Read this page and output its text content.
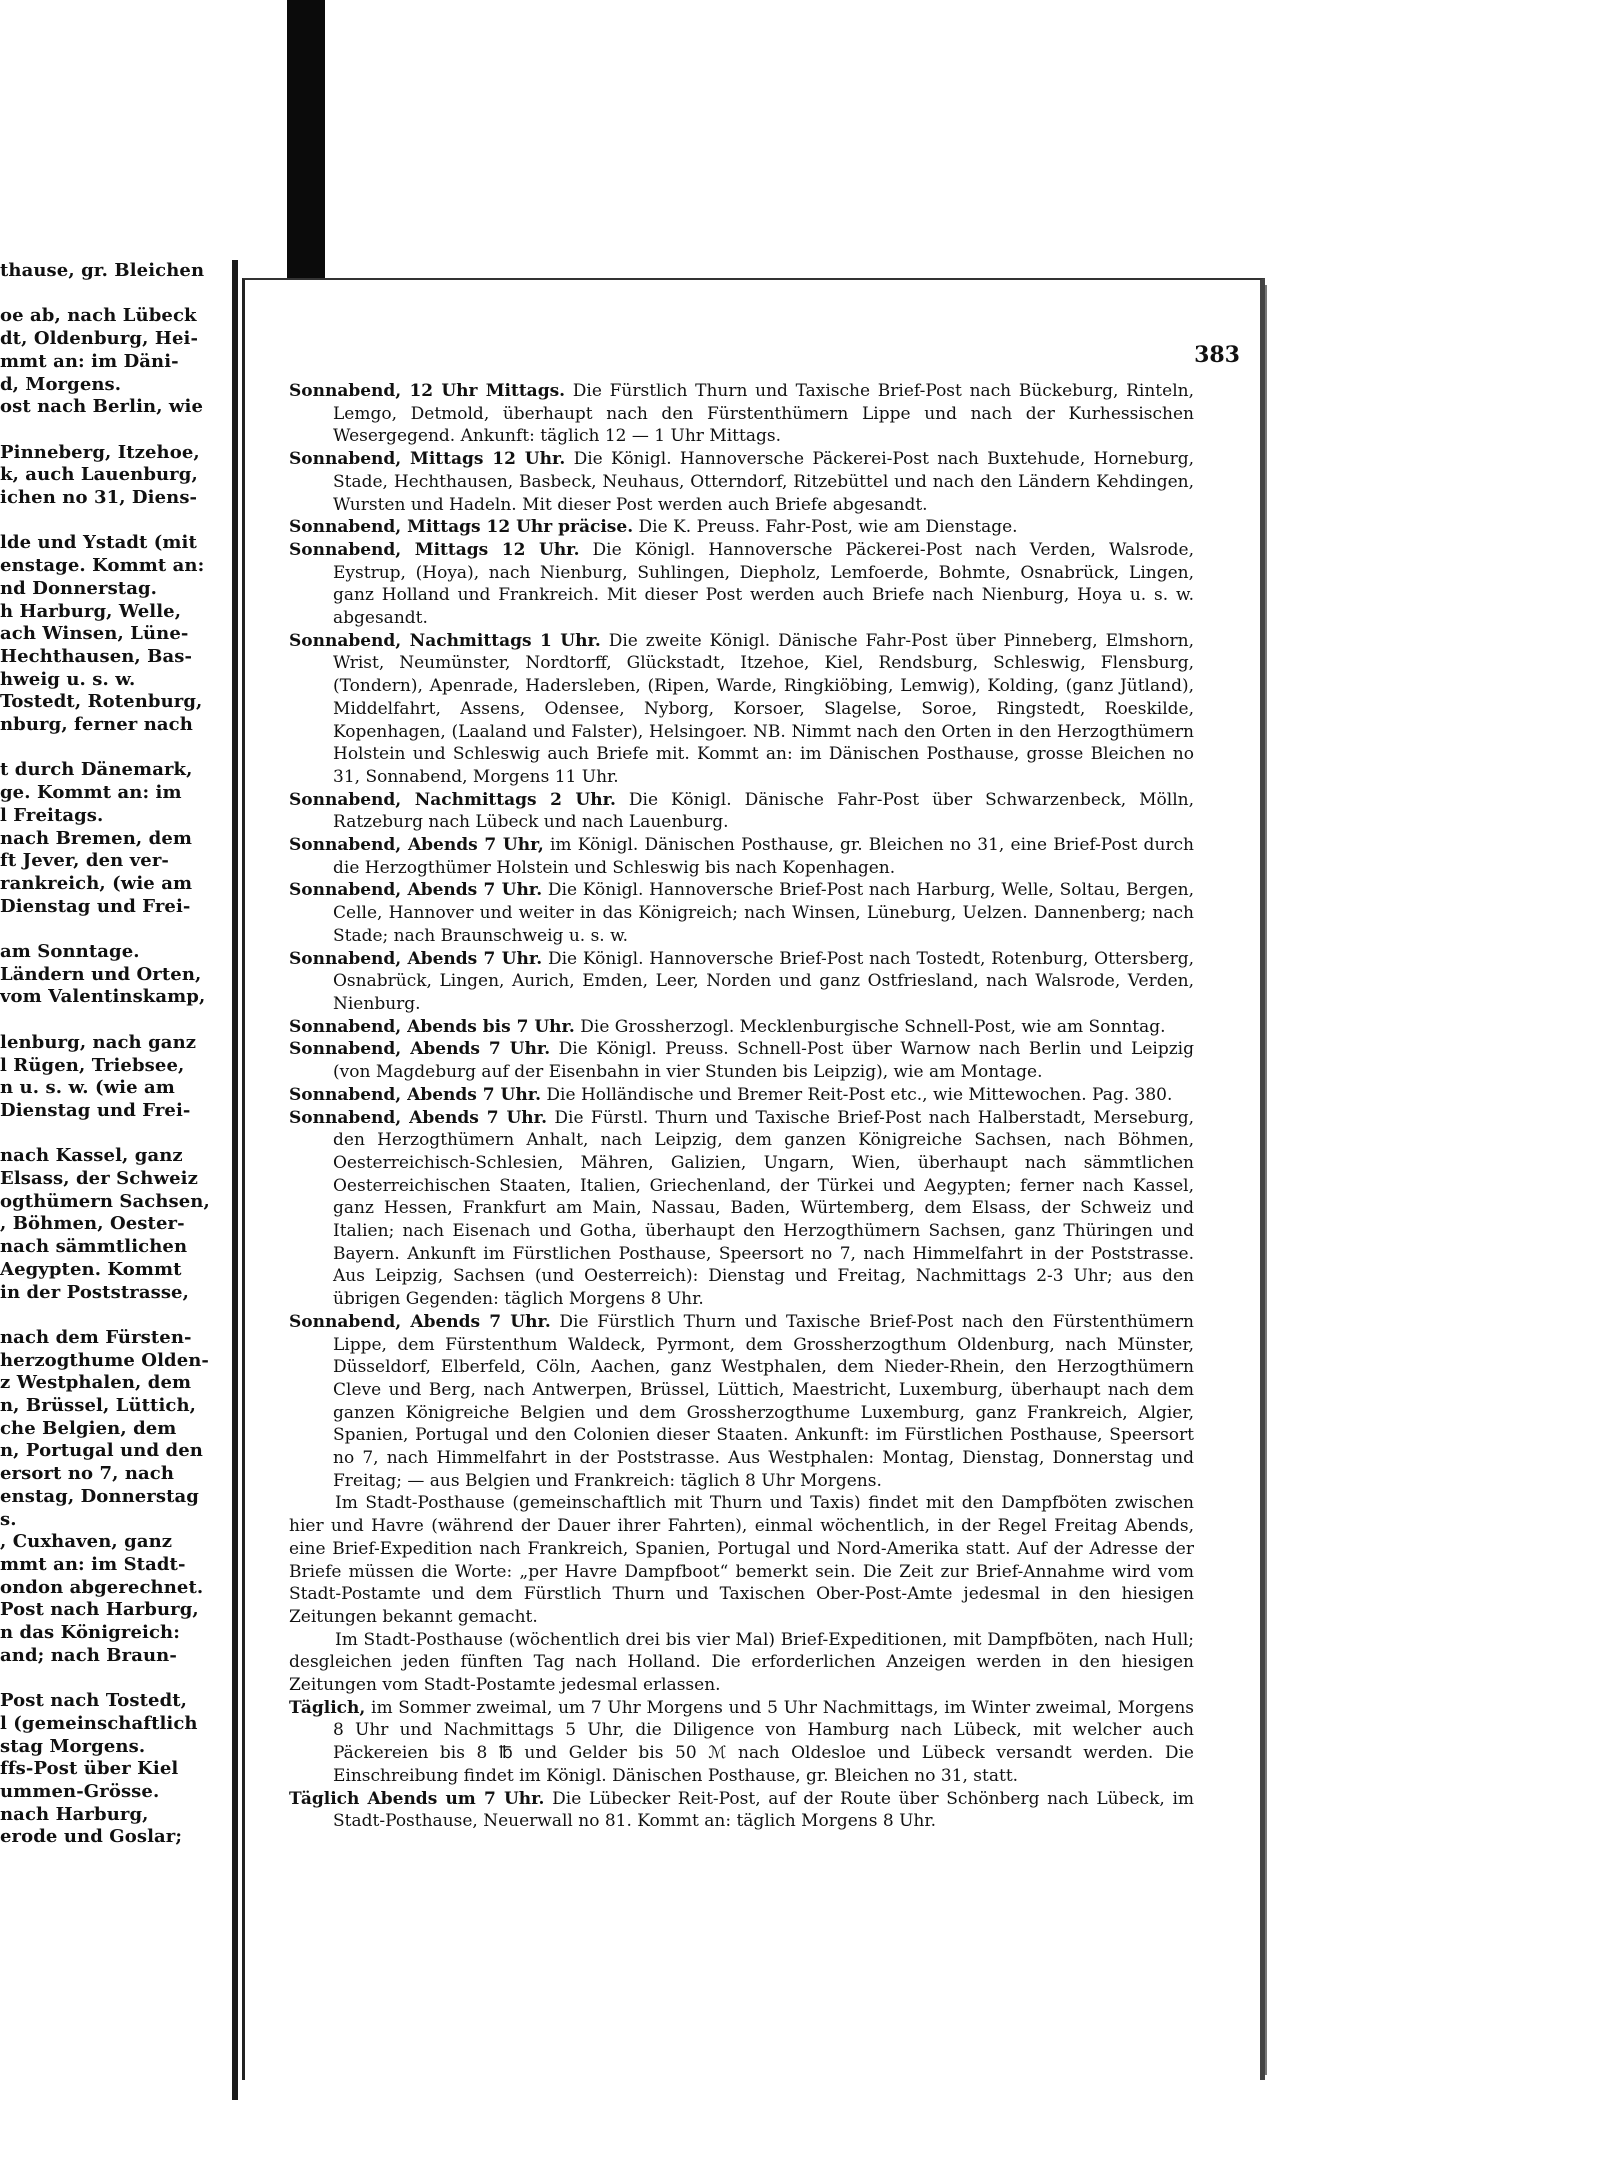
thause, gr. Bleichen
oe ab, nach Lübeck
dt, Oldenburg, Hei-
mmt an: im Däni-
d, Morgens.
ost nach Berlin, wie
Pinneberg, Itzehoe,
k, auch Lauenburg,
ichen no 31, Diens-
lde und Ystadt (mit
enstage. Kommt an:
nd Donnerstag.
h Harburg, Welle,
ach Winsen, Lüne-
Hechthausen, Bas-
hweig u. s. w.
Tostedt, Rotenburg,
nburg, ferner nach
t durch Dänemark,
ge. Kommt an: im
l Freitags.
nach Bremen, dem
ft Jever, den ver-
rankreich, (wie am
Dienstag und Frei-
am Sonntage.
Ländern und Orten,
vom Valentinskamp,
lenburg, nach ganz
l Rügen, Triebsee,
n u. s. w. (wie am
Dienstag und Frei-
nach Kassel, ganz
Elsass, der Schweiz
ogthümern Sachsen,
, Böhmen, Oester-
nach sämmtlichen
Aegypten. Kommt
in der Poststrasse,
nach dem Fürsten-
herzogthume Olden-
z Westphalen, dem
n, Brüssel, Lüttich,
che Belgien, dem
n, Portugal und den
ersort no 7, nach
enstag, Donnerstag
s.
, Cuxhaven, ganz
mmt an: im Stadt-
ondon abgerechnet.
Post nach Harburg,
n das Königreich:
and; nach Braun-
Post nach Tostedt,
l (gemeinschaftlich
stag Morgens.
ffs-Post über Kiel
ummen-Grösse.
nach Harburg,
erode und Goslar;
383
Sonnabend, 12 Uhr Mittags. Die Fürstlich Thurn und Taxische Brief-Post nach Bückeburg, Rinteln, Lemgo, Detmold, überhaupt nach den Fürstenthümern Lippe und nach der Kurhessischen Wesergegend. Ankunft: täglich 12 — 1 Uhr Mittags.
Sonnabend, Mittags 12 Uhr. Die Königl. Hannoversche Päckerei-Post nach Buxtehude, Horneburg, Stade, Hechthausen, Basbeck, Neuhaus, Otterndorf, Ritzebüttel und nach den Ländern Kehdingen, Wursten und Hadeln. Mit dieser Post werden auch Briefe abgesandt.
Sonnabend, Mittags 12 Uhr präcise. Die K. Preuss. Fahr-Post, wie am Dienstage.
Sonnabend, Mittags 12 Uhr. Die Königl. Hannoversche Päckerei-Post nach Verden, Walsrode, Eystrup, (Hoya), nach Nienburg, Suhlingen, Diepholz, Lemfoerde, Bohmte, Osnabrück, Lingen, ganz Holland und Frankreich. Mit dieser Post werden auch Briefe nach Nienburg, Hoya u. s. w. abgesandt.
Sonnabend, Nachmittags 1 Uhr. Die zweite Königl. Dänische Fahr-Post über Pinneberg, Elmshorn, Wrist, Neumünster, Nordtorff, Glückstadt, Itzehoe, Kiel, Rendsburg, Schleswig, Flensburg, (Tondern), Apenrade, Hadersleben, (Ripen, Warde, Ringkiöbing, Lemwig), Kolding, (ganz Jütland), Middelfahrt, Assens, Odensee, Nyborg, Korsoer, Slagelse, Soroe, Ringstedt, Roeskilde, Kopenhagen, (Laaland und Falster), Helsingoer. NB. Nimmt nach den Orten in den Herzogthümern Holstein und Schleswig auch Briefe mit. Kommt an: im Dänischen Posthause, grosse Bleichen no 31, Sonnabend, Morgens 11 Uhr.
Sonnabend, Nachmittags 2 Uhr. Die Königl. Dänische Fahr-Post über Schwarzenbeck, Mölln, Ratzeburg nach Lübeck und nach Lauenburg.
Sonnabend, Abends 7 Uhr, im Königl. Dänischen Posthause, gr. Bleichen no 31, eine Brief-Post durch die Herzogthümer Holstein und Schleswig bis nach Kopenhagen.
Sonnabend, Abends 7 Uhr. Die Königl. Hannoversche Brief-Post nach Harburg, Welle, Soltau, Bergen, Celle, Hannover und weiter in das Königreich; nach Winsen, Lüneburg, Uelzen. Dannenberg; nach Stade; nach Braunschweig u. s. w.
Sonnabend, Abends 7 Uhr. Die Königl. Hannoversche Brief-Post nach Tostedt, Rotenburg, Ottersberg, Osnabrück, Lingen, Aurich, Emden, Leer, Norden und ganz Ostfriesland, nach Walsrode, Verden, Nienburg.
Sonnabend, Abends bis 7 Uhr. Die Grossherzogl. Mecklenburgische Schnell-Post, wie am Sonntag.
Sonnabend, Abends 7 Uhr. Die Königl. Preuss. Schnell-Post über Warnow nach Berlin und Leipzig (von Magdeburg auf der Eisenbahn in vier Stunden bis Leipzig), wie am Montage.
Sonnabend, Abends 7 Uhr. Die Holländische und Bremer Reit-Post etc., wie Mittewochen. Pag. 380.
Sonnabend, Abends 7 Uhr. Die Fürstl. Thurn und Taxische Brief-Post nach Halberstadt, Merseburg, den Herzogthümern Anhalt, nach Leipzig, dem ganzen Königreiche Sachsen, nach Böhmen, Oesterreichisch-Schlesien, Mähren, Galizien, Ungarn, Wien, überhaupt nach sämmtlichen Oesterreichischen Staaten, Italien, Griechenland, der Türkei und Aegypten; ferner nach Kassel, ganz Hessen, Frankfurt am Main, Nassau, Baden, Würtemberg, dem Elsass, der Schweiz und Italien; nach Eisenach und Gotha, überhaupt den Herzogthümern Sachsen, ganz Thüringen und Bayern. Ankunft im Fürstlichen Posthause, Speersort no 7, nach Himmelfahrt in der Poststrasse. Aus Leipzig, Sachsen (und Oesterreich): Dienstag und Freitag, Nachmittags 2-3 Uhr; aus den übrigen Gegenden: täglich Morgens 8 Uhr.
Sonnabend, Abends 7 Uhr. Die Fürstlich Thurn und Taxische Brief-Post nach den Fürstenthümern Lippe, dem Fürstenthum Waldeck, Pyrmont, dem Grossherzogthum Oldenburg, nach Münster, Düsseldorf, Elberfeld, Cöln, Aachen, ganz Westphalen, dem Nieder-Rhein, den Herzogthümern Cleve und Berg, nach Antwerpen, Brüssel, Lüttich, Maestricht, Luxemburg, überhaupt nach dem ganzen Königreiche Belgien und dem Grossherzogthume Luxemburg, ganz Frankreich, Algier, Spanien, Portugal und den Colonien dieser Staaten. Ankunft: im Fürstlichen Posthause, Speersort no 7, nach Himmelfahrt in der Poststrasse. Aus Westphalen: Montag, Dienstag, Donnerstag und Freitag; — aus Belgien und Frankreich: täglich 8 Uhr Morgens.
Im Stadt-Posthause (gemeinschaftlich mit Thurn und Taxis) findet mit den Dampfböten zwischen hier und Havre (während der Dauer ihrer Fahrten), einmal wöchentlich, in der Regel Freitag Abends, eine Brief-Expedition nach Frankreich, Spanien, Portugal und Nord-Amerika statt. Auf der Adresse der Briefe müssen die Worte: „per Havre Dampfboot“ bemerkt sein. Die Zeit zur Brief-Annahme wird vom Stadt-Postamte und dem Fürstlich Thurn und Taxischen Ober-Post-Amte jedesmal in den hiesigen Zeitungen bekannt gemacht.
Im Stadt-Posthause (wöchentlich drei bis vier Mal) Brief-Expeditionen, mit Dampfböten, nach Hull; desgleichen jeden fünften Tag nach Holland. Die erforderlichen Anzeigen werden in den hiesigen Zeitungen vom Stadt-Postamte jedesmal erlassen.
Täglich, im Sommer zweimal, um 7 Uhr Morgens und 5 Uhr Nachmittags, im Winter zweimal, Morgens 8 Uhr und Nachmittags 5 Uhr, die Diligence von Hamburg nach Lübeck, mit welcher auch Päckereien bis 8 ℔ und Gelder bis 50 ℳ nach Oldesloe und Lübeck versandt werden. Die Einschreibung findet im Königl. Dänischen Posthause, gr. Bleichen no 31, statt.
Täglich Abends um 7 Uhr. Die Lübecker Reit-Post, auf der Route über Schönberg nach Lübeck, im Stadt-Posthause, Neuerwall no 81. Kommt an: täglich Morgens 8 Uhr.
